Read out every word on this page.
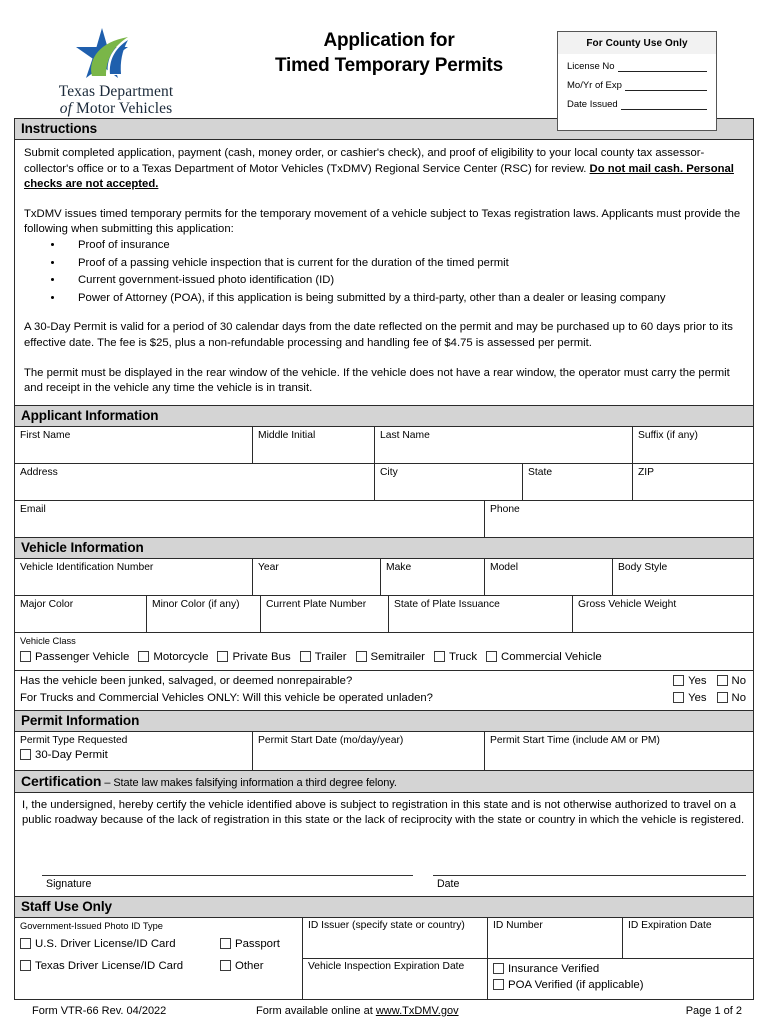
Texas Department
of Motor Vehicles
Application for
Timed Temporary Permits
For County Use Only
License No
Mo/Yr of Exp
Date Issued
Instructions

Submit completed application, payment (cash, money order, or cashier's check), and proof of eligibility to your local county tax assessor-collector's office or to a Texas Department of Motor Vehicles (TxDMV) Regional Service Center (RSC) for review. Do not mail cash. Personal checks are not accepted.

TxDMV issues timed temporary permits for the temporary movement of a vehicle subject to Texas registration laws. Applicants must provide the following when submitting this application:

• Proof of insurance
• Proof of a passing vehicle inspection that is current for the duration of the timed permit
• Current government-issued photo identification (ID)
• Power of Attorney (POA), if this application is being submitted by a third-party, other than a dealer or leasing company

A 30-Day Permit is valid for a period of 30 calendar days from the date reflected on the permit and may be purchased up to 60 days prior to its effective date. The fee is $25, plus a non-refundable processing and handling fee of $4.75 is assessed per permit.

The permit must be displayed in the rear window of the vehicle. If the vehicle does not have a rear window, the operator must carry the permit and receipt in the vehicle any time the vehicle is in transit.

Applicant Information
First Name	Middle Initial	Last Name	Suffix (if any)
Address	City	State	ZIP
Email	Phone
Vehicle Information
Vehicle Identification Number	Year	Make	Model	Body Style
Major Color	Minor Color (if any)	Current Plate Number	State of Plate Issuance	Gross Vehicle Weight
Vehicle Class
Passenger Vehicle Motorcycle Private Bus Trailer Semitrailer Truck Commercial Vehicle
Has the vehicle been junked, salvaged, or deemed nonrepairable?	Yes No
For Trucks and Commercial Vehicles ONLY: Will this vehicle be operated unladen?	Yes No
Permit Information
Permit Type Requested
30-Day Permit
Permit Start Date (mo/day/year)	Permit Start Time (include AM or PM)
Certification – State law makes falsifying information a third degree felony.
I, the undersigned, hereby certify the vehicle identified above is subject to registration in this state and is not otherwise authorized to travel on a public roadway because of the lack of registration in this state or the lack of reciprocity with the state or country in which the vehicle is registered.
Signature	Date
Staff Use Only
Government-Issued Photo ID Type
U.S. Driver License/ID Card	Passport
Texas Driver License/ID Card	Other
ID Issuer (specify state or country)	ID Number	ID Expiration Date
Vehicle Inspection Expiration Date	Insurance Verified
POA Verified (if applicable)
Form VTR-66 Rev. 04/2022	Form available online at www.TxDMV.gov	Page 1 of 2
